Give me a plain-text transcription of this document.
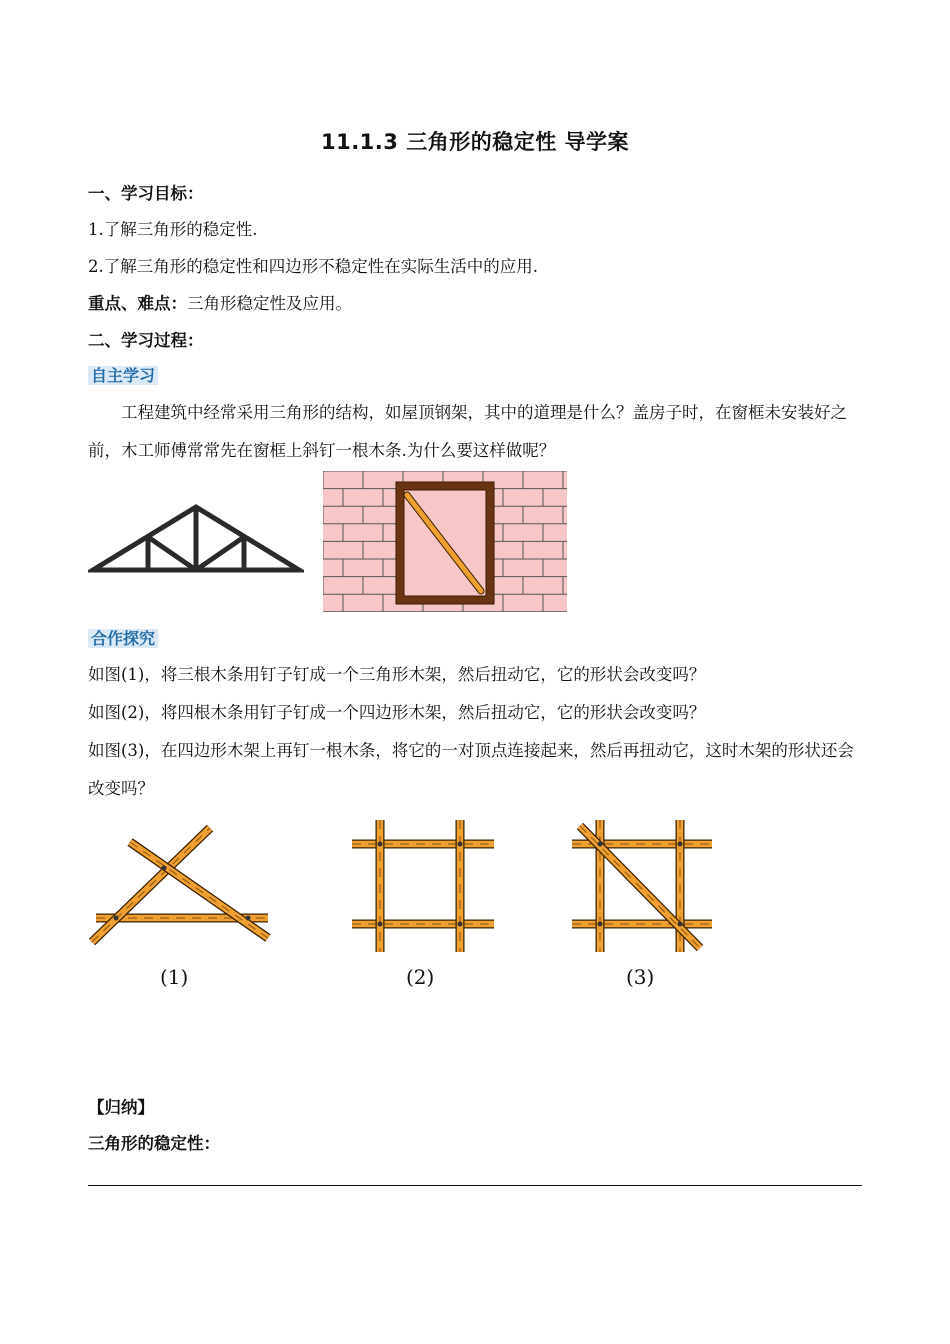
11.1.3 三角形的稳定性 导学案
一、学习目标：
1.了解三角形的稳定性.
2.了解三角形的稳定性和四边形不稳定性在实际生活中的应用.
重点、难点：三角形稳定性及应用。
二、学习过程：
自主学习
工程建筑中经常采用三角形的结构，如屋顶钢架，其中的道理是什么？盖房子时，在窗框未安装好之前，木工师傅常常先在窗框上斜钉一根木条.为什么要这样做呢？
合作探究
如图(1)，将三根木条用钉子钉成一个三角形木架，然后扭动它，它的形状会改变吗？
如图(2)，将四根木条用钉子钉成一个四边形木架，然后扭动它，它的形状会改变吗？
如图(3)，在四边形木架上再钉一根木条，将它的一对顶点连接起来，然后再扭动它，这时木架的形状还会改变吗？
(1)	(2)	(3)
【归纳】
三角形的稳定性：
